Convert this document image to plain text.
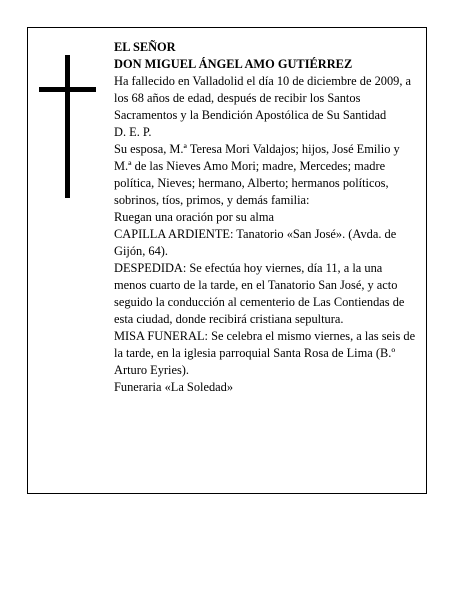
EL SEÑOR

DON MIGUEL ÁNGEL AMO GUTIÉRREZ

Ha fallecido en Valladolid el día 10 de diciembre de 2009, a los 68 años de edad, después de recibir los Santos Sacramentos y la Bendición Apostólica de Su Santidad

D. E. P.

Su esposa, M.ª Teresa Mori Valdajos; hijos, José Emilio y M.ª de las Nieves Amo Mori; madre, Mercedes; madre política, Nieves; hermano, Alberto; hermanos políticos, sobrinos, tíos, primos, y demás familia:

Ruegan una oración por su alma

CAPILLA ARDIENTE: Tanatorio «San José». (Avda. de Gijón, 64).

DESPEDIDA: Se efectúa hoy viernes, día 11, a la una menos cuarto de la tarde, en el Tanatorio San José, y acto seguido la conducción al cementerio de Las Contiendas de esta ciudad, donde recibirá cristiana sepultura.

MISA FUNERAL: Se celebra el mismo viernes, a las seis de la tarde, en la iglesia parroquial Santa Rosa de Lima (B.º Arturo Eyries).

Funeraria «La Soledad»
